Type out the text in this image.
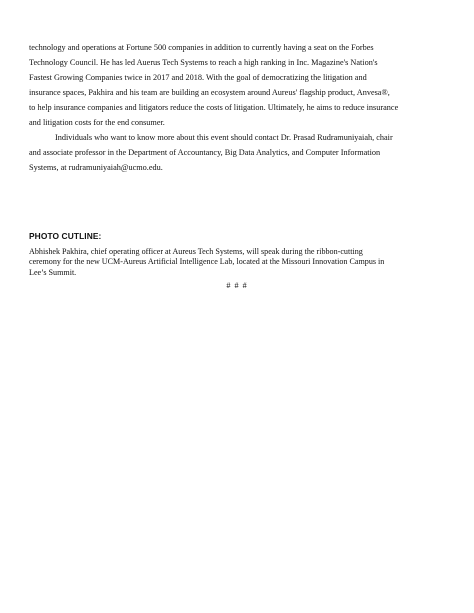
technology and operations at Fortune 500 companies in addition to currently having a seat on the Forbes
Technology Council. He has led Auerus Tech Systems to reach a high ranking in Inc. Magazine's Nation's
Fastest Growing Companies twice in 2017 and 2018. With the goal of democratizing the litigation and
insurance spaces, Pakhira and his team are building an ecosystem around Aureus' flagship product, Anvesa®,
to help insurance companies and litigators reduce the costs of litigation. Ultimately, he aims to reduce insurance
and litigation costs for the end consumer.
Individuals who want to know more about this event should contact Dr. Prasad Rudramuniyaiah, chair
and associate professor in the Department of Accountancy, Big Data Analytics, and Computer Information
Systems, at rudramuniyaiah@ucmo.edu.
PHOTO CUTLINE:
Abhishek Pakhira, chief operating officer at Aureus Tech Systems, will speak during the ribbon-cutting
ceremony for the new UCM-Aureus Artificial Intelligence Lab, located at the Missouri Innovation Campus in
Lee’s Summit.
# # #
